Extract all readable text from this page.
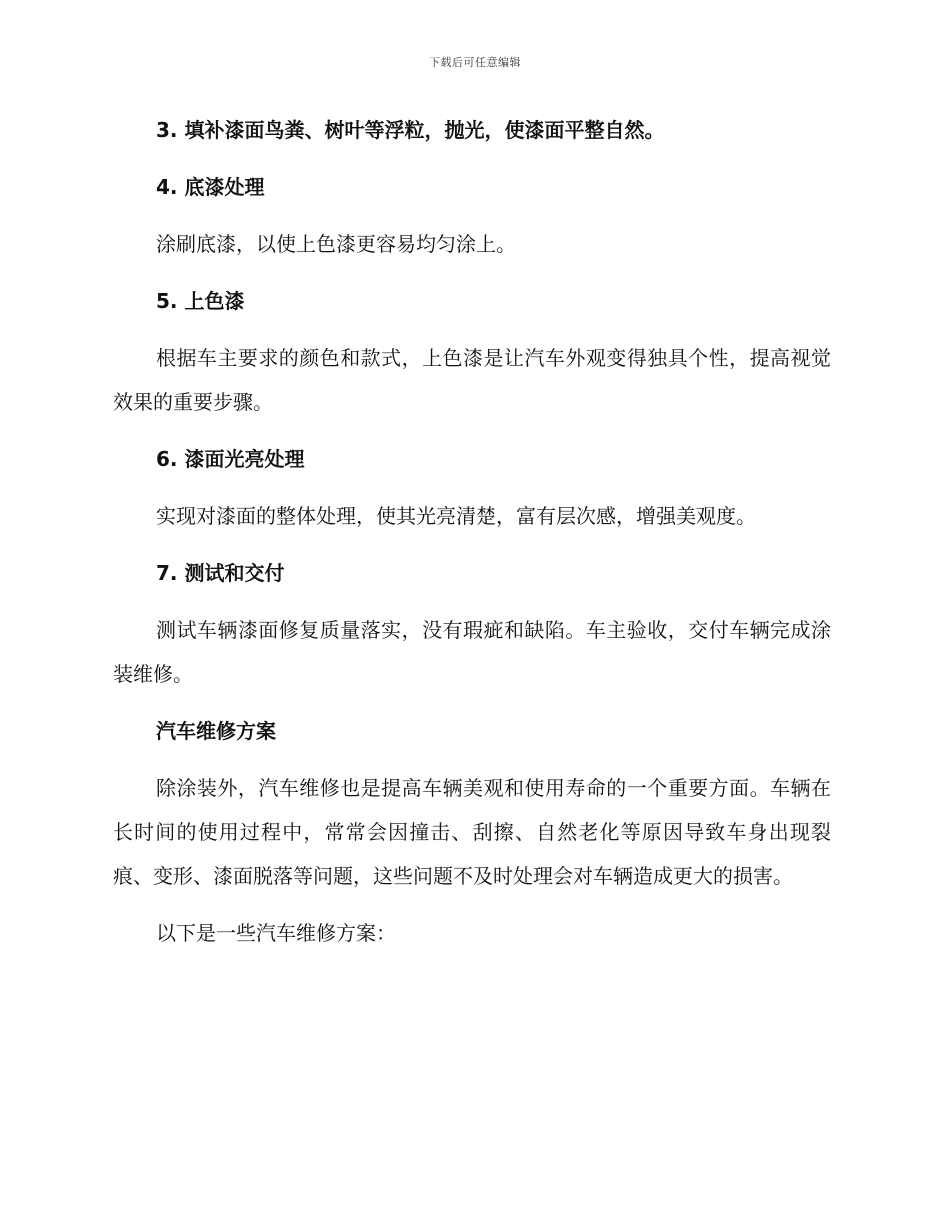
下载后可任意编辑
3. 填补漆面鸟粪、树叶等浮粒，抛光，使漆面平整自然。
4. 底漆处理
涂刷底漆，以使上色漆更容易均匀涂上。
5. 上色漆
根据车主要求的颜色和款式，上色漆是让汽车外观变得独具个性，提高视觉效果的重要步骤。
6. 漆面光亮处理
实现对漆面的整体处理，使其光亮清楚，富有层次感，增强美观度。
7. 测试和交付
测试车辆漆面修复质量落实，没有瑕疵和缺陷。车主验收，交付车辆完成涂装维修。
汽车维修方案
除涂装外，汽车维修也是提高车辆美观和使用寿命的一个重要方面。车辆在长时间的使用过程中，常常会因撞击、刮擦、自然老化等原因导致车身出现裂痕、变形、漆面脱落等问题，这些问题不及时处理会对车辆造成更大的损害。
以下是一些汽车维修方案：
